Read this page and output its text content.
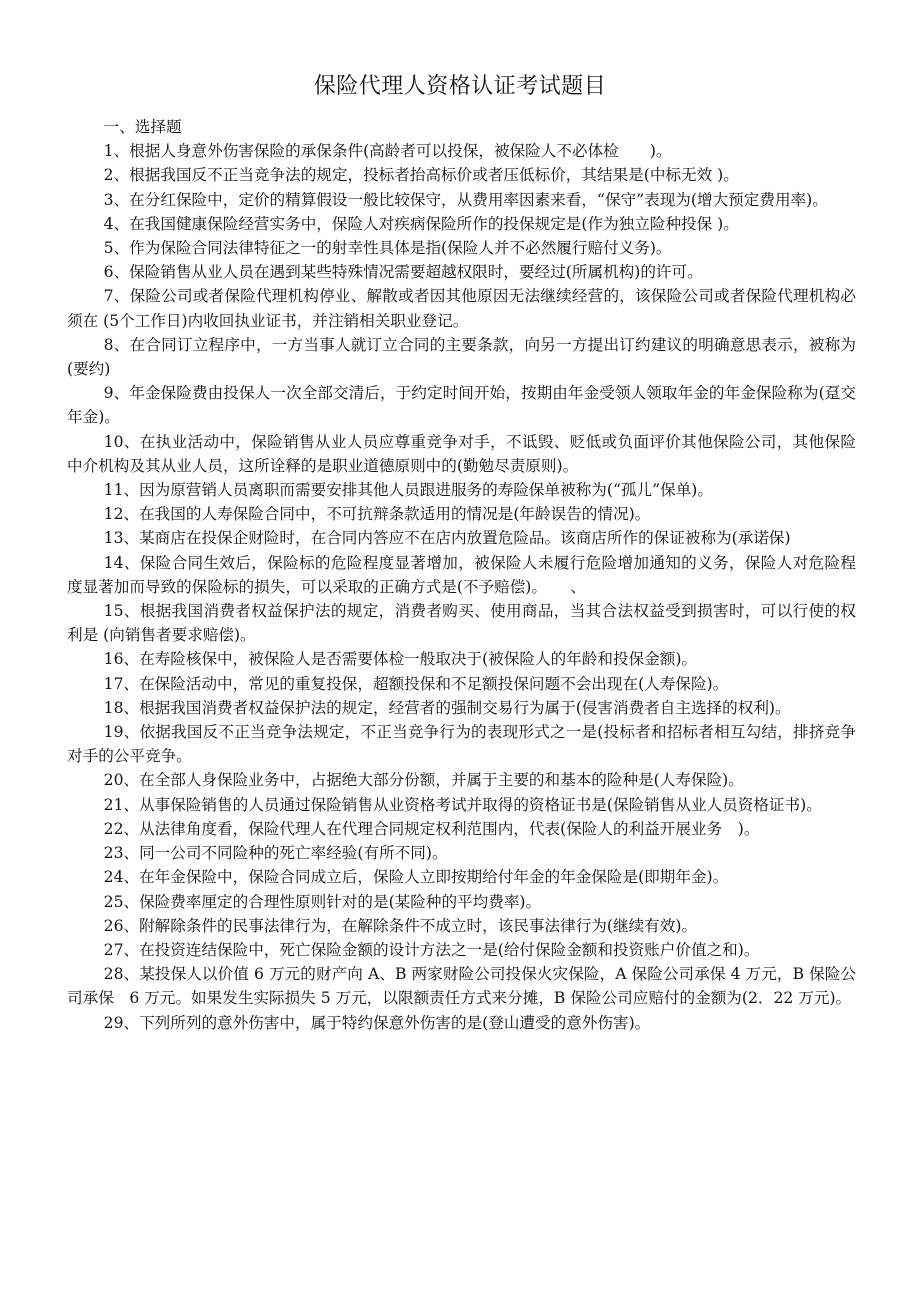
保险代理人资格认证考试题目

一、选择题

1、根据人身意外伤害保险的承保条件(高龄者可以投保，被保险人不必体检　　)。

2、根据我国反不正当竞争法的规定，投标者抬高标价或者压低标价，其结果是(中标无效 )。

3、在分红保险中，定价的精算假设一般比较保守，从费用率因素来看，“保守”表现为(增大预定费用率)。

4、在我国健康保险经营实务中，保险人对疾病保险所作的投保规定是(作为独立险种投保 )。

5、作为保险合同法律特征之一的射幸性具体是指(保险人并不必然履行赔付义务)。

6、保险销售从业人员在遇到某些特殊情况需要超越权限时，要经过(所属机构)的许可。

7、保险公司或者保险代理机构停业、解散或者因其他原因无法继续经营的，该保险公司或者保险代理机构必须在 (5个工作日)内收回执业证书，并注销相关职业登记。

8、在合同订立程序中，一方当事人就订立合同的主要条款，向另一方提出订约建议的明确意思表示，被称为(要约)

9、年金保险费由投保人一次全部交清后，于约定时间开始，按期由年金受领人领取年金的年金保险称为(趸交年金)。

10、在执业活动中，保险销售从业人员应尊重竞争对手，不诋毁、贬低或负面评价其他保险公司，其他保险中介机构及其从业人员，这所诠释的是职业道德原则中的(勤勉尽责原则)。

11、因为原营销人员离职而需要安排其他人员跟进服务的寿险保单被称为(“孤儿”保单)。

12、在我国的人寿保险合同中，不可抗辩条款适用的情况是(年龄误告的情况)。

13、某商店在投保企财险时，在合同内答应不在店内放置危险品。该商店所作的保证被称为(承诺保)

14、保险合同生效后，保险标的危险程度显著增加，被保险人未履行危险增加通知的义务，保险人对危险程度显著加而导致的保险标的损失，可以采取的正确方式是(不予赔偿)。　　、

15、根据我国消费者权益保护法的规定，消费者购买、使用商品，当其合法权益受到损害时，可以行使的权利是 (向销售者要求赔偿)。

16、在寿险核保中，被保险人是否需要体检一般取决于(被保险人的年龄和投保金额)。

17、在保险活动中，常见的重复投保，超额投保和不足额投保问题不会出现在(人寿保险)。

18、根据我国消费者权益保护法的规定，经营者的强制交易行为属于(侵害消费者自主选择的权利)。

19、依据我国反不正当竞争法规定，不正当竞争行为的表现形式之一是(投标者和招标者相互勾结，排挤竞争对手的公平竞争。

20、在全部人身保险业务中，占据绝大部分份额，并属于主要的和基本的险种是(人寿保险)。

21、从事保险销售的人员通过保险销售从业资格考试并取得的资格证书是(保险销售从业人员资格证书)。

22、从法律角度看，保险代理人在代理合同规定权利范围内，代表(保险人的利益开展业务　)。

23、同一公司不同险种的死亡率经验(有所不同)。

24、在年金保险中，保险合同成立后，保险人立即按期给付年金的年金保险是(即期年金)。

25、保险费率厘定的合理性原则针对的是(某险种的平均费率)。

26、附解除条件的民事法律行为，在解除条件不成立时，该民事法律行为(继续有效)。

27、在投资连结保险中，死亡保险金额的设计方法之一是(给付保险金额和投资账户价值之和)。

28、某投保人以价值 6 万元的财产向 A、B 两家财险公司投保火灾保险，A 保险公司承保 4 万元，B 保险公司承保　6 万元。如果发生实际损失 5 万元，以限额责任方式来分摊，B 保险公司应赔付的金额为(2．22 万元)。

29、下列所列的意外伤害中，属于特约保意外伤害的是(登山遭受的意外伤害)。
